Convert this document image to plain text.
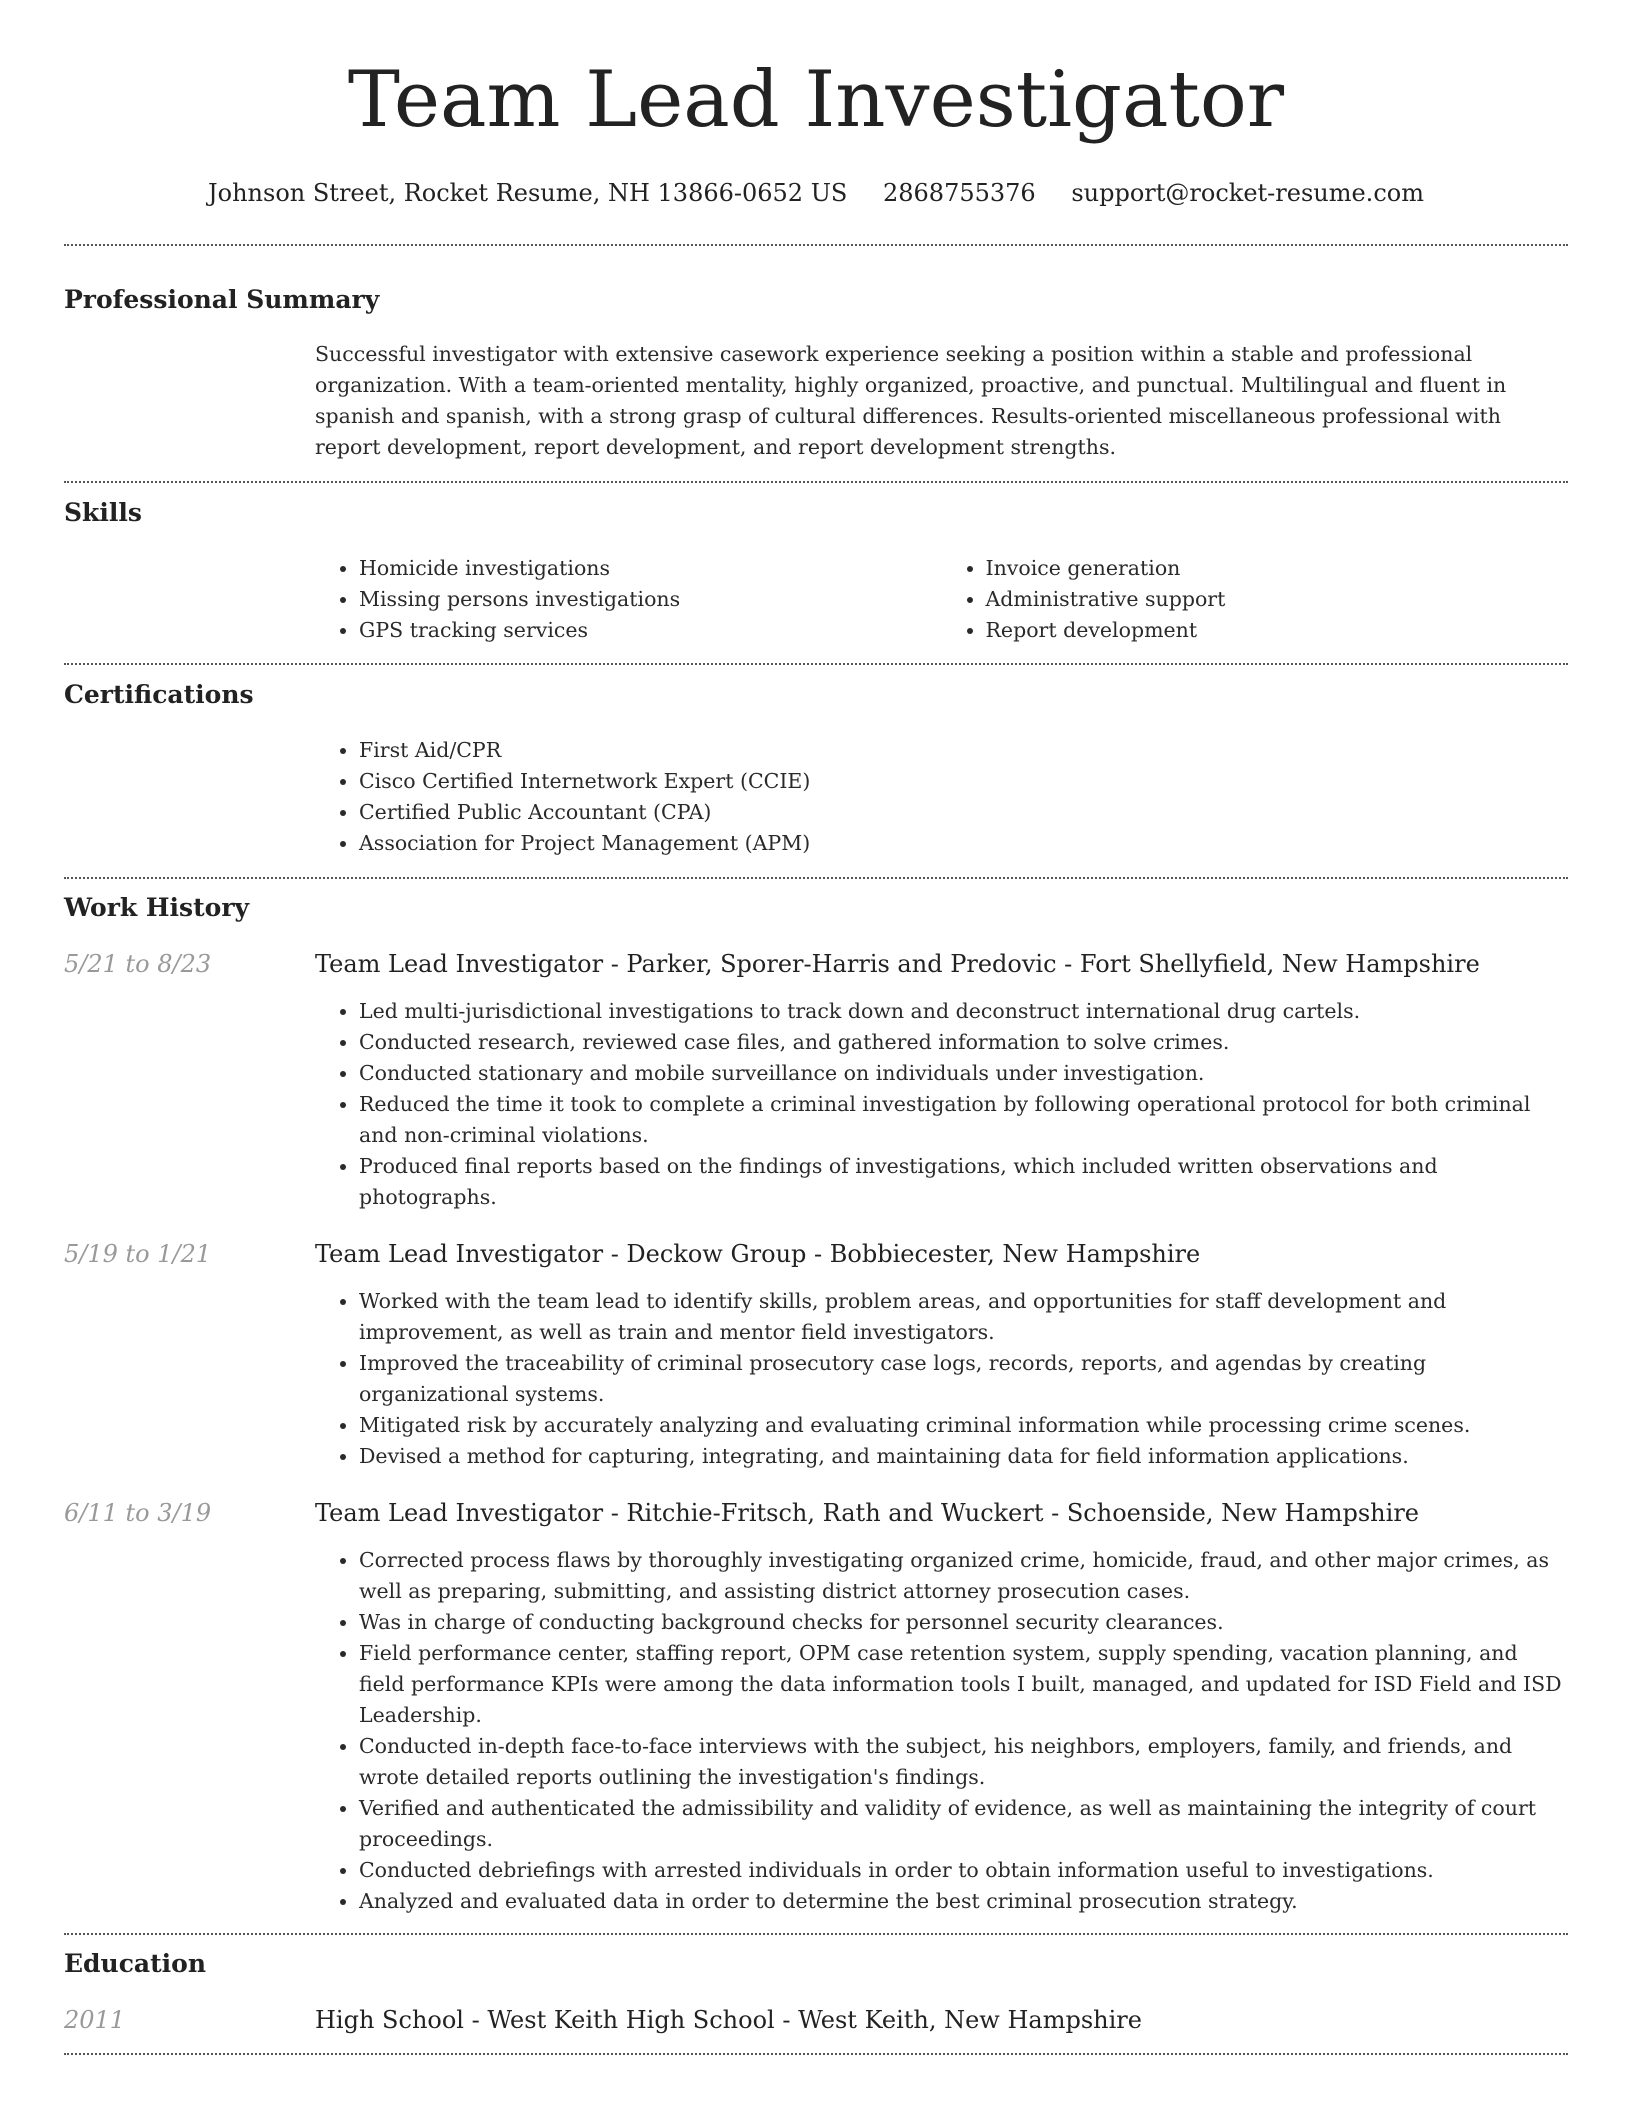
Team Lead Investigator
Johnson Street, Rocket Resume, NH 13866-0652 US 2868755376 support@rocket-resume.com
Professional Summary

Successful investigator with extensive casework experience seeking a position within a stable and professional organization. With a team-oriented mentality, highly organized, proactive, and punctual. Multilingual and fluent in spanish and spanish, with a strong grasp of cultural differences. Results-oriented miscellaneous professional with report development, report development, and report development strengths.

Skills
• Homicide investigations
• Missing persons investigations
• GPS tracking services
• Invoice generation
• Administrative support
• Report development
Certifications
• First Aid/CPR
• Cisco Certified Internetwork Expert (CCIE)
• Certified Public Accountant (CPA)
• Association for Project Management (APM)
Work History
5/21 to 8/23	Team Lead Investigator - Parker, Sporer-Harris and Predovic - Fort Shellyfield, New Hampshire
• Led multi-jurisdictional investigations to track down and deconstruct international drug cartels.
• Conducted research, reviewed case files, and gathered information to solve crimes.
• Conducted stationary and mobile surveillance on individuals under investigation.
• Reduced the time it took to complete a criminal investigation by following operational protocol for both criminal and non-criminal violations.
• Produced final reports based on the findings of investigations, which included written observations and photographs.
5/19 to 1/21	Team Lead Investigator - Deckow Group - Bobbiecester, New Hampshire
• Worked with the team lead to identify skills, problem areas, and opportunities for staff development and improvement, as well as train and mentor field investigators.
• Improved the traceability of criminal prosecutory case logs, records, reports, and agendas by creating organizational systems.
• Mitigated risk by accurately analyzing and evaluating criminal information while processing crime scenes.
• Devised a method for capturing, integrating, and maintaining data for field information applications.
6/11 to 3/19	Team Lead Investigator - Ritchie-Fritsch, Rath and Wuckert - Schoenside, New Hampshire
• Corrected process flaws by thoroughly investigating organized crime, homicide, fraud, and other major crimes, as well as preparing, submitting, and assisting district attorney prosecution cases.
• Was in charge of conducting background checks for personnel security clearances.
• Field performance center, staffing report, OPM case retention system, supply spending, vacation planning, and field performance KPIs were among the data information tools I built, managed, and updated for ISD Field and ISD Leadership.
• Conducted in-depth face-to-face interviews with the subject, his neighbors, employers, family, and friends, and wrote detailed reports outlining the investigation's findings.
• Verified and authenticated the admissibility and validity of evidence, as well as maintaining the integrity of court proceedings.
• Conducted debriefings with arrested individuals in order to obtain information useful to investigations.
• Analyzed and evaluated data in order to determine the best criminal prosecution strategy.
Education
2011	High School - West Keith High School - West Keith, New Hampshire
